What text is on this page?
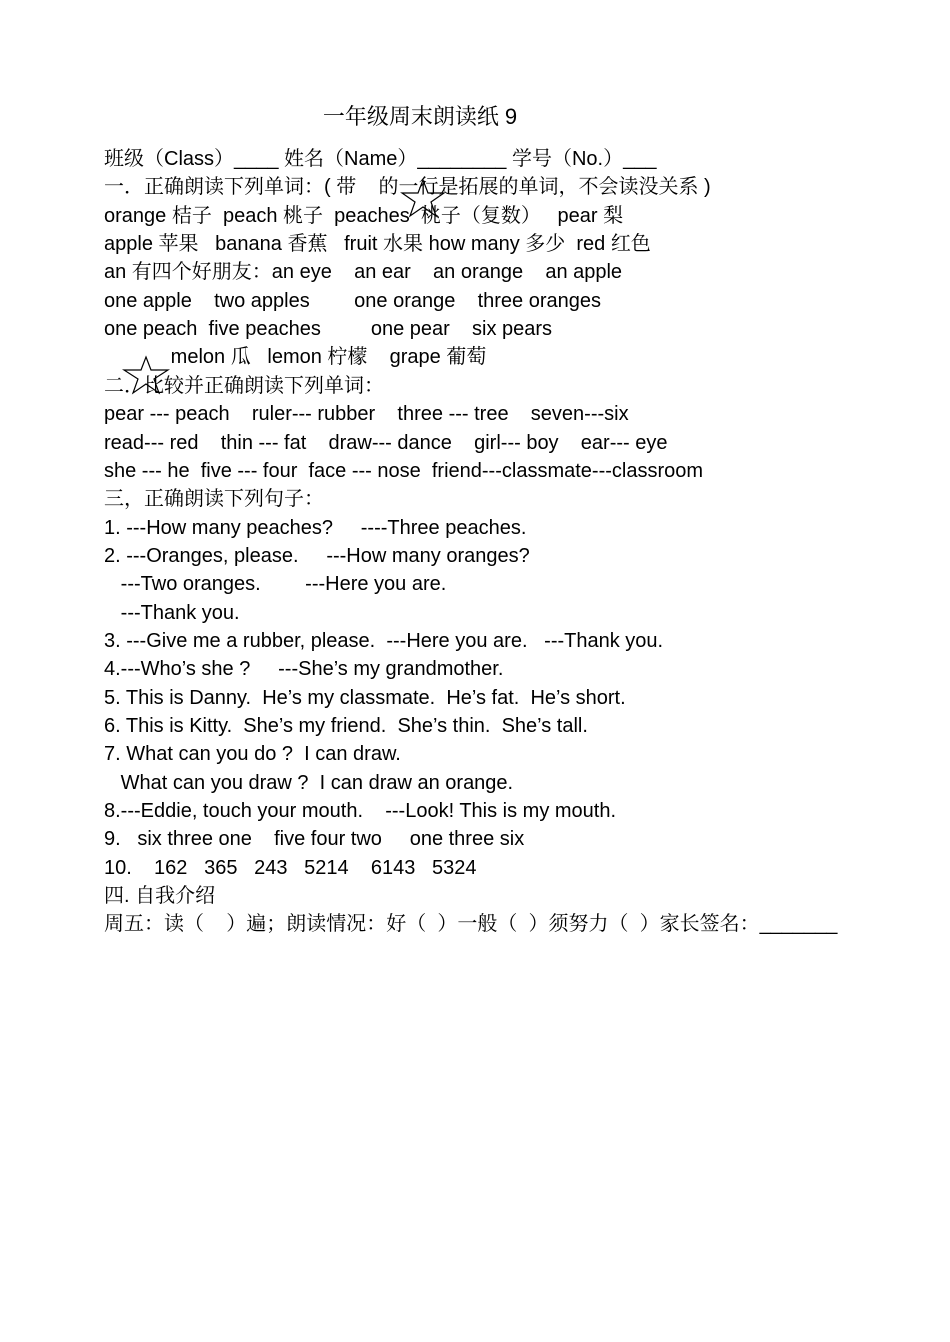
一年级周末朗读纸 9
班级（Class）____ 姓名（Name）________ 学号（No.）___
一．正确朗读下列单词：( 带    的一行是拓展的单词，不会读没关系 )
orange 桔子  peach 桃子  peaches  桃子（复数）   pear 梨
apple 苹果   banana 香蕉   fruit 水果 how many 多少  red 红色
an 有四个好朋友：an eye    an ear    an orange    an apple
one apple    two apples        one orange    three oranges
one peach  five peaches         one pear    six pears
melon 瓜   lemon 柠檬    grape 葡萄
二．比较并正确朗读下列单词：
pear --- peach    ruler--- rubber    three --- tree    seven---six
read--- red    thin --- fat    draw--- dance    girl--- boy    ear--- eye
she --- he  five --- four  face --- nose  friend---classmate---classroom
三，正确朗读下列句子：
1. ---How many peaches?     ----Three peaches.
2. ---Oranges, please.     ---How many oranges?
---Two oranges.        ---Here you are.
---Thank you.
3. ---Give me a rubber, please.  ---Here you are.   ---Thank you.
4.---Who’s she ?     ---She’s my grandmother.
5. This is Danny.  He’s my classmate.  He’s fat.  He’s short.
6. This is Kitty.  She’s my friend.  She’s thin.  She’s tall.
7. What can you do ?  I can draw.
What can you draw ?  I can draw an orange.
8.---Eddie, touch your mouth.    ---Look! This is my mouth.
9.   six three one    five four two     one three six
10.    162   365   243   5214    6143   5324
四. 自我介绍
周五：读（    ）遍；朗读情况：好（  ）一般（  ）须努力（  ）家长签名：_______
